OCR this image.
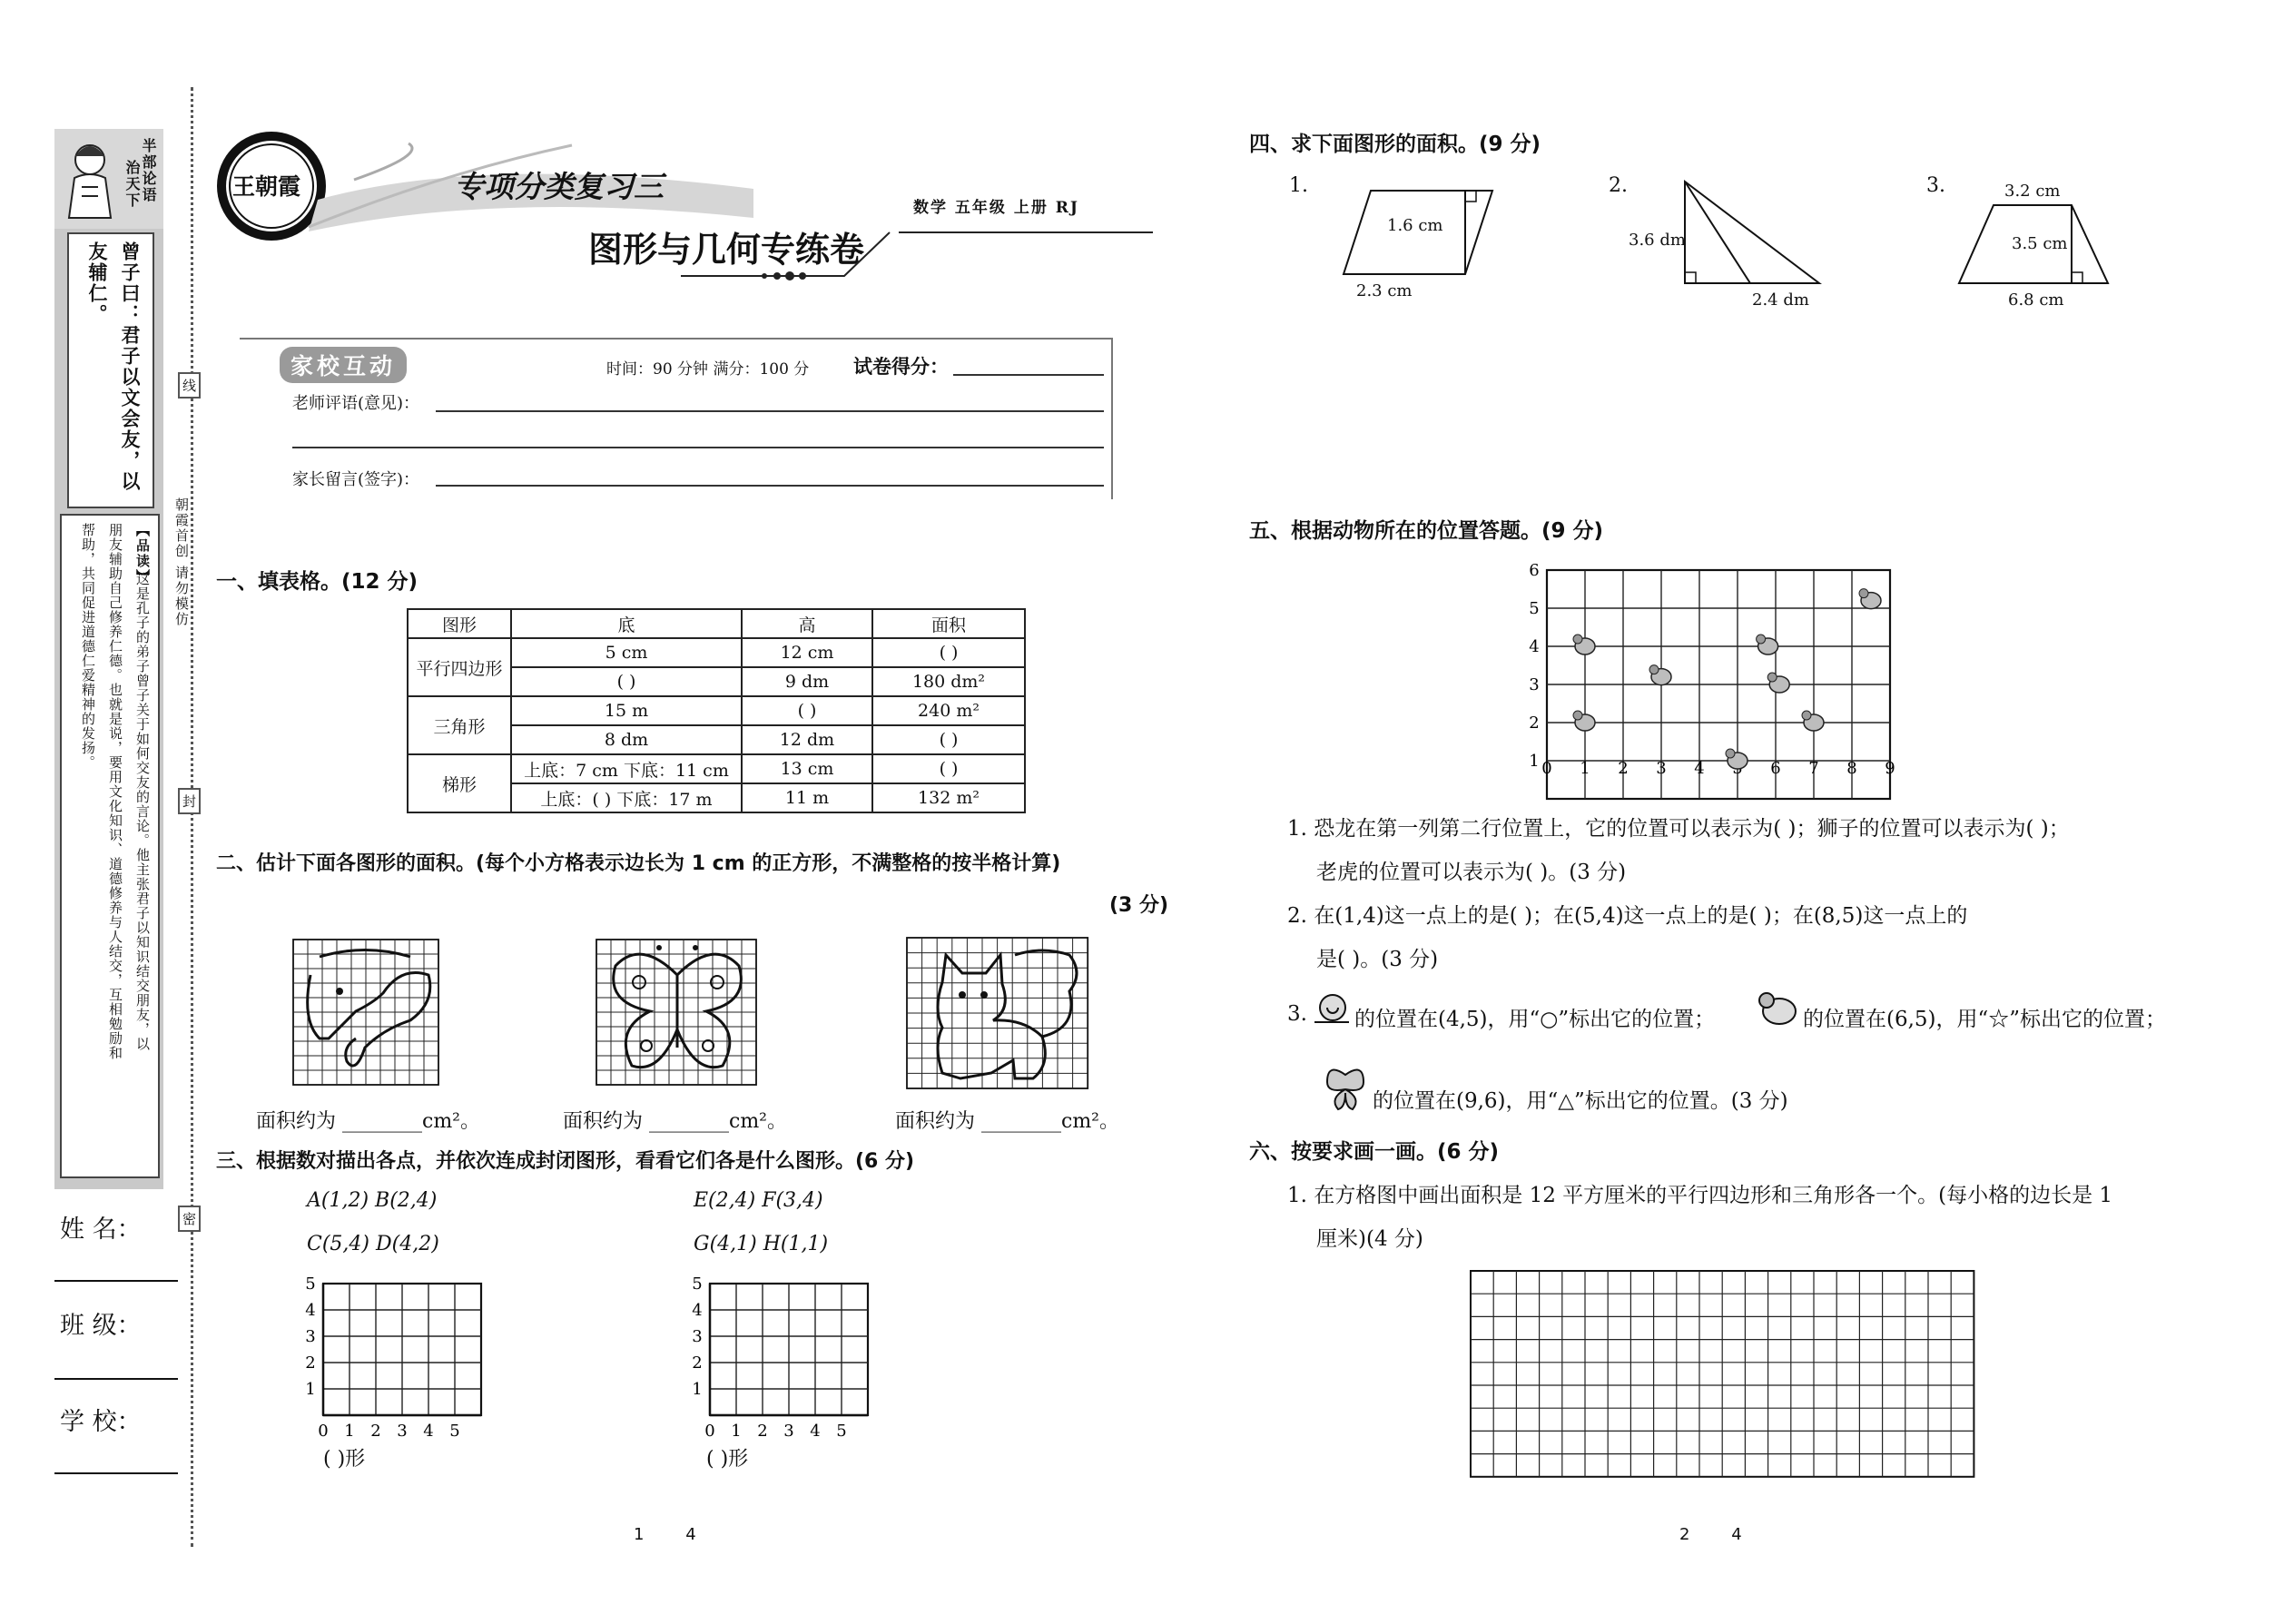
半部论语
治天下
曾子曰：君子以文会友，以
友辅仁。
【品读】
这是孔子的弟子曾子关于如何交友的言论。他主张君子以知识结交朋友，以
朋友辅助自己修养仁德。也就是说，要用文化知识、道德修养与人结交，互相勉励和
帮助，共同促进道德仁爱精神的发扬。
姓 名：
班 级：
学 校：
线
封
密
朝霞首创 请勿模仿
王朝霞	专项分类复习三
图形与几何专练卷
数学 五年级 上册 RJ
家校互动	时间：90 分钟 满分：100 分 试卷得分：
老师评语(意见)：
家长留言(签字)：
一、填表格。(12 分)
图形	底	高	面积
平行四边形	5 cm	12 cm	( )
	( )	9 dm	180 dm²
三角形	15 m	( )	240 m²
	8 dm	12 dm	( )
梯形	上底：7 cm 下底：11 cm	13 cm	( )
	上底：( ) 下底：17 m	11 m	132 m²
二、估计下面各图形的面积。(每个小方格表示边长为 1 cm 的正方形，不满整格的按半格计算)
(3 分)
面积约为 ________cm²。	面积约为 ________cm²。	面积约为 ________cm²。
三、根据数对描出各点，并依次连成封闭图形，看看它们各是什么图形。(6 分)
A(1,2) B(2,4)
C(5,4) D(4,2)
E(2,4) F(3,4)
G(4,1) H(1,1)
0 1 2 3 4 5
1
2
3
4
5
0 1 2 3 4 5
1
2
3
4
5
( )形	( )形
1        4
四、求下面图形的面积。(9 分)
1.	2.	3.
1.6 cm
2.3 cm
3.6 dm
2.4 dm
3.2 cm
3.5 cm
6.8 cm
五、根据动物所在的位置答题。(9 分)
0 1 2 3 4	6 7 8 9
1
2
3
4
5
6
1. 恐龙在第一列第二行位置上，它的位置可以表示为( )；狮子的位置可以表示为( )；
老虎的位置可以表示为( )。(3 分)
2. 在(1,4)这一点上的是( )；在(5,4)这一点上的是( )；在(8,5)这一点上的
是( )。(3 分)
3. 的位置在(4,5)，用“○”标出它的位置；	的位置在(6,5)，用“☆”标出它的位置；
的位置在(9,6)，用“△”标出它的位置。(3 分)
六、按要求画一画。(6 分)
1. 在方格图中画出面积是 12 平方厘米的平行四边形和三角形各一个。(每小格的边长是 1
厘米)(4 分)
2        4
